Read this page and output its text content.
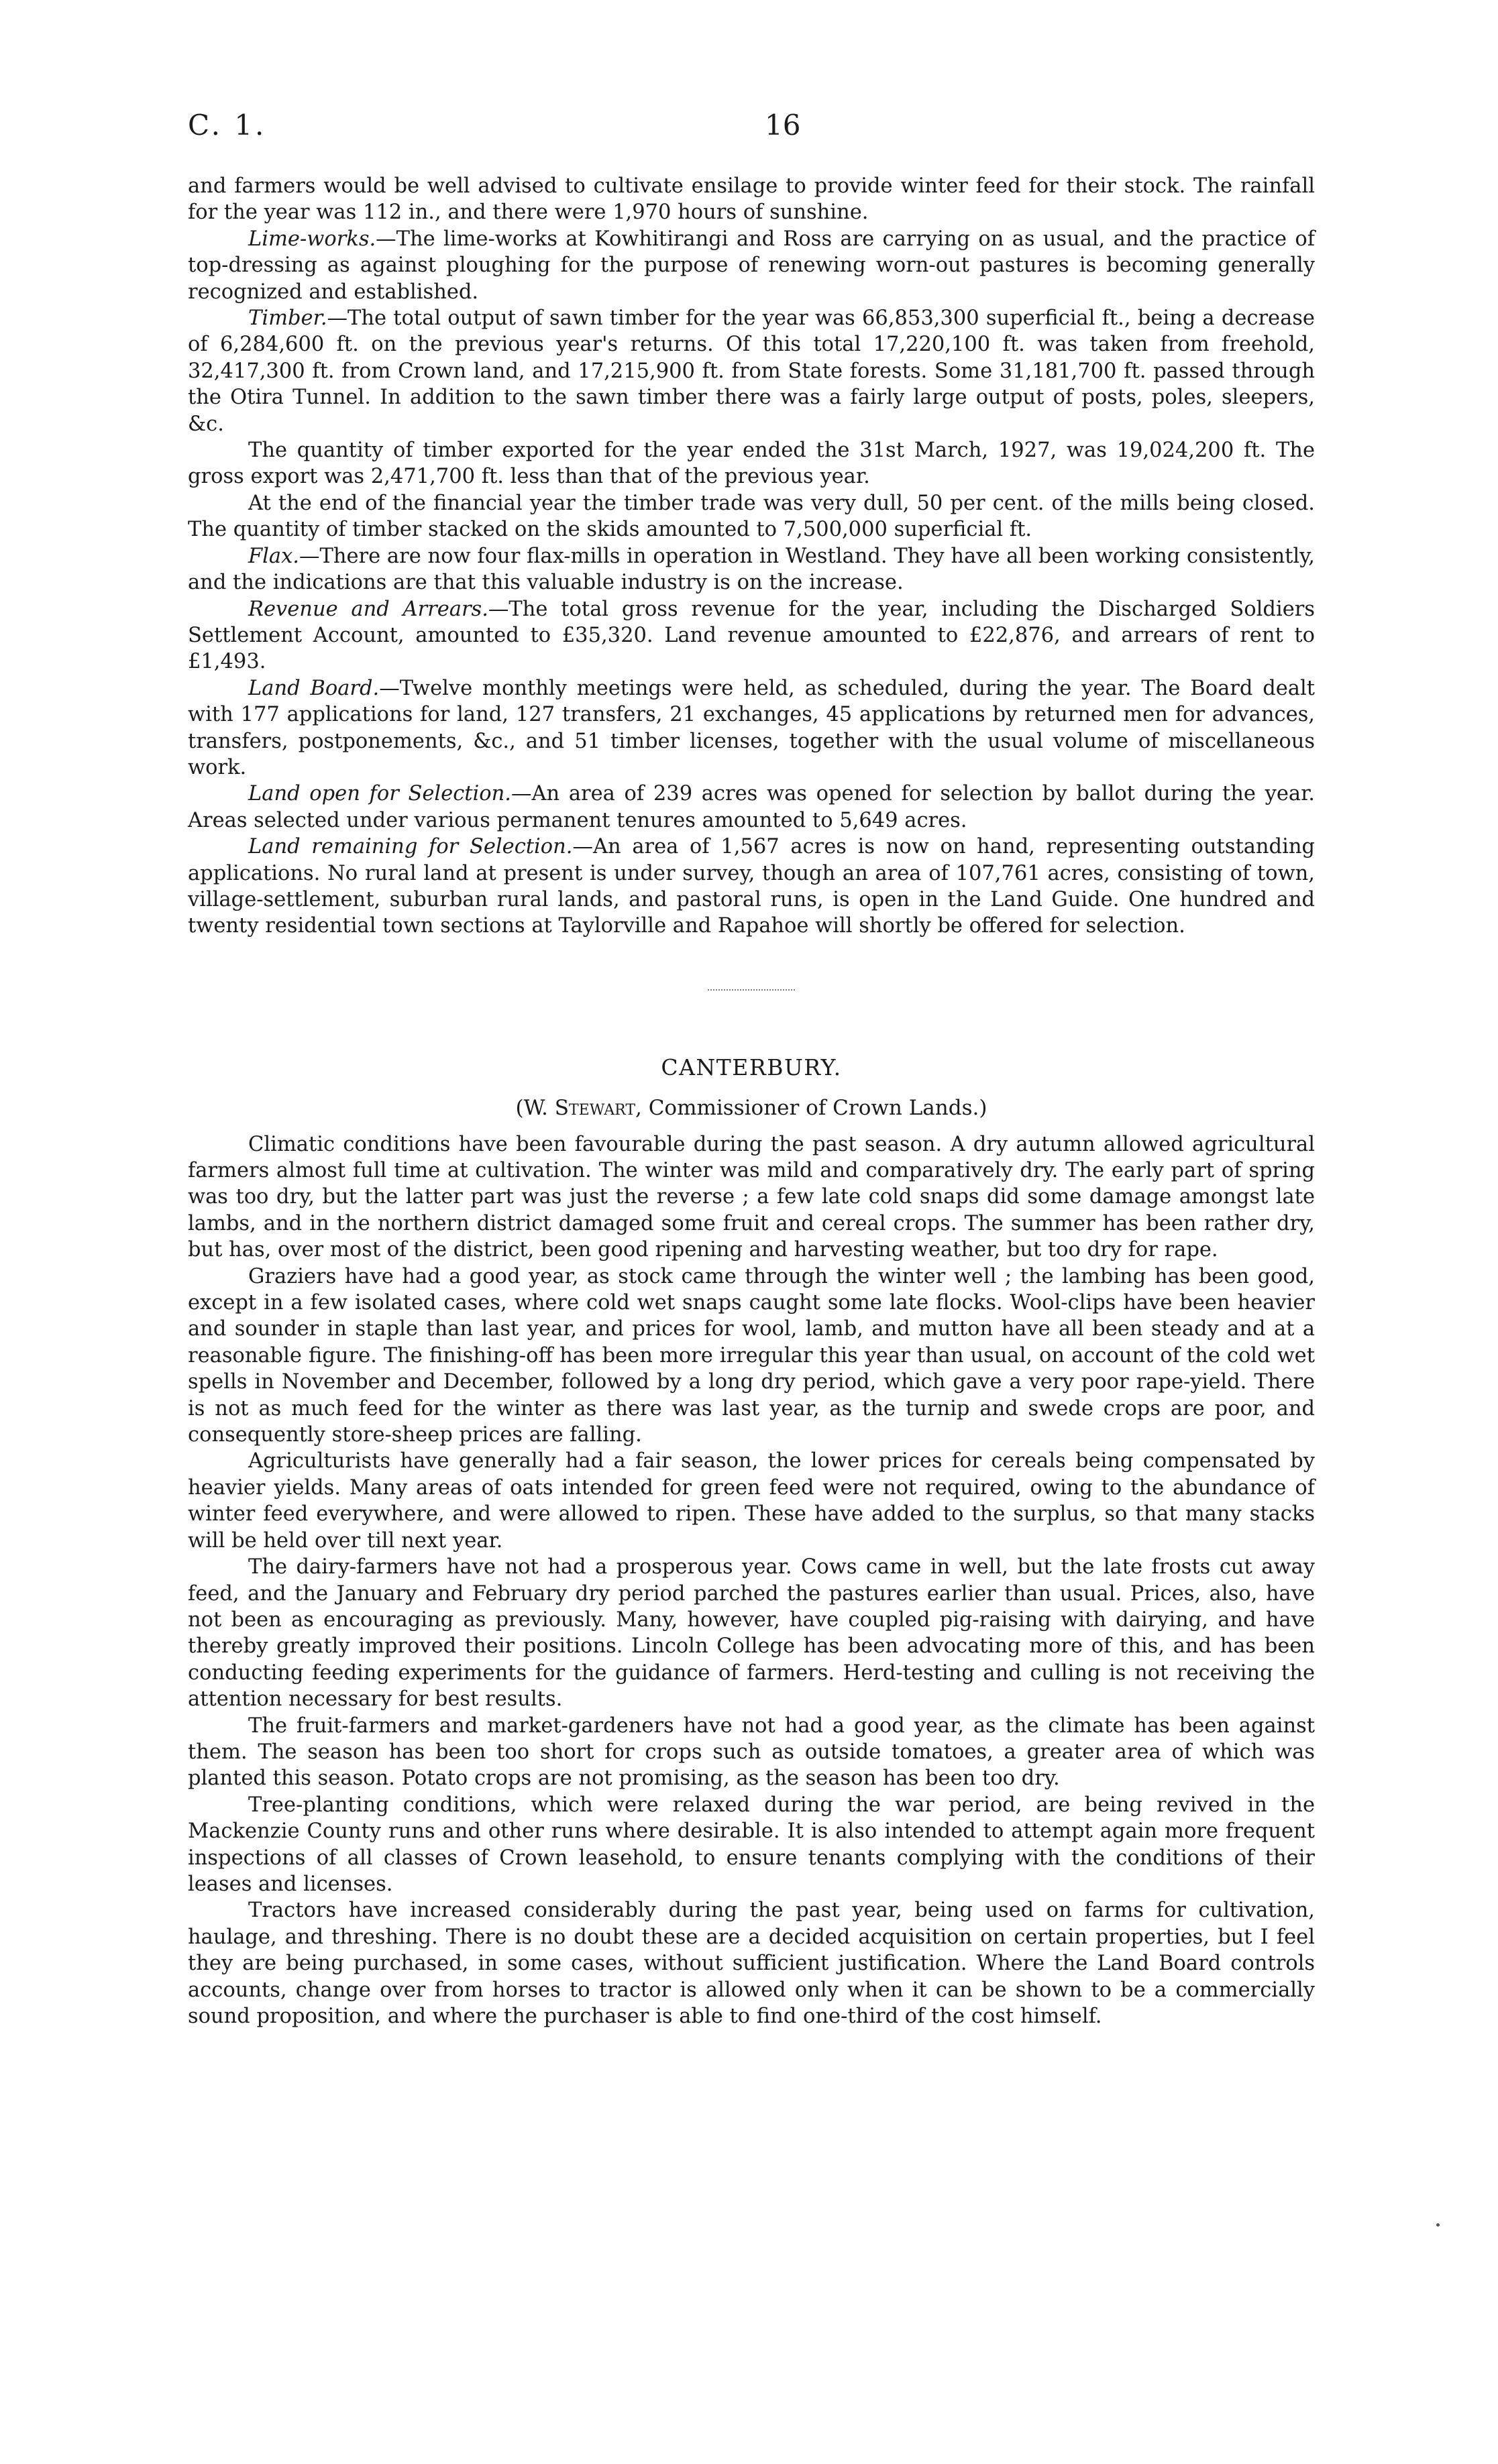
C. 1.	16

and farmers would be well advised to cultivate ensilage to provide winter feed for their stock. The rainfall for the year was 112 in., and there were 1,970 hours of sunshine.

Lime-works.—The lime-works at Kowhitirangi and Ross are carrying on as usual, and the practice of top-dressing as against ploughing for the purpose of renewing worn-out pastures is becoming generally recognized and established.

Timber.—The total output of sawn timber for the year was 66,853,300 superficial ft., being a decrease of 6,284,600 ft. on the previous year's returns. Of this total 17,220,100 ft. was taken from freehold, 32,417,300 ft. from Crown land, and 17,215,900 ft. from State forests. Some 31,181,700 ft. passed through the Otira Tunnel. In addition to the sawn timber there was a fairly large output of posts, poles, sleepers, &c.

The quantity of timber exported for the year ended the 31st March, 1927, was 19,024,200 ft. The gross export was 2,471,700 ft. less than that of the previous year.

At the end of the financial year the timber trade was very dull, 50 per cent. of the mills being closed. The quantity of timber stacked on the skids amounted to 7,500,000 superficial ft.

Flax.—There are now four flax-mills in operation in Westland. They have all been working consistently, and the indications are that this valuable industry is on the increase.

Revenue and Arrears.—The total gross revenue for the year, including the Discharged Soldiers Settlement Account, amounted to £35,320. Land revenue amounted to £22,876, and arrears of rent to £1,493.

Land Board.—Twelve monthly meetings were held, as scheduled, during the year. The Board dealt with 177 applications for land, 127 transfers, 21 exchanges, 45 applications by returned men for advances, transfers, postponements, &c., and 51 timber licenses, together with the usual volume of miscellaneous work.

Land open for Selection.—An area of 239 acres was opened for selection by ballot during the year. Areas selected under various permanent tenures amounted to 5,649 acres.

Land remaining for Selection.—An area of 1,567 acres is now on hand, representing outstanding applications. No rural land at present is under survey, though an area of 107,761 acres, consisting of town, village-settlement, suburban rural lands, and pastoral runs, is open in the Land Guide. One hundred and twenty residential town sections at Taylorville and Rapahoe will shortly be offered for selection.

CANTERBURY.
(W. Stewart, Commissioner of Crown Lands.)

Climatic conditions have been favourable during the past season. A dry autumn allowed agricultural farmers almost full time at cultivation. The winter was mild and comparatively dry. The early part of spring was too dry, but the latter part was just the reverse ; a few late cold snaps did some damage amongst late lambs, and in the northern district damaged some fruit and cereal crops. The summer has been rather dry, but has, over most of the district, been good ripening and harvesting weather, but too dry for rape.

Graziers have had a good year, as stock came through the winter well ; the lambing has been good, except in a few isolated cases, where cold wet snaps caught some late flocks. Wool-clips have been heavier and sounder in staple than last year, and prices for wool, lamb, and mutton have all been steady and at a reasonable figure. The finishing-off has been more irregular this year than usual, on account of the cold wet spells in November and December, followed by a long dry period, which gave a very poor rape-yield. There is not as much feed for the winter as there was last year, as the turnip and swede crops are poor, and consequently store-sheep prices are falling.

Agriculturists have generally had a fair season, the lower prices for cereals being compensated by heavier yields. Many areas of oats intended for green feed were not required, owing to the abundance of winter feed everywhere, and were allowed to ripen. These have added to the surplus, so that many stacks will be held over till next year.

The dairy-farmers have not had a prosperous year. Cows came in well, but the late frosts cut away feed, and the January and February dry period parched the pastures earlier than usual. Prices, also, have not been as encouraging as previously. Many, however, have coupled pig-raising with dairying, and have thereby greatly improved their positions. Lincoln College has been advocating more of this, and has been conducting feeding experiments for the guidance of farmers. Herd-testing and culling is not receiving the attention necessary for best results.

The fruit-farmers and market-gardeners have not had a good year, as the climate has been against them. The season has been too short for crops such as outside tomatoes, a greater area of which was planted this season. Potato crops are not promising, as the season has been too dry.

Tree-planting conditions, which were relaxed during the war period, are being revived in the Mackenzie County runs and other runs where desirable. It is also intended to attempt again more frequent inspections of all classes of Crown leasehold, to ensure tenants complying with the conditions of their leases and licenses.

Tractors have increased considerably during the past year, being used on farms for cultivation, haulage, and threshing. There is no doubt these are a decided acquisition on certain properties, but I feel they are being purchased, in some cases, without sufficient justification. Where the Land Board controls accounts, change over from horses to tractor is allowed only when it can be shown to be a commercially sound proposition, and where the purchaser is able to find one-third of the cost himself.
